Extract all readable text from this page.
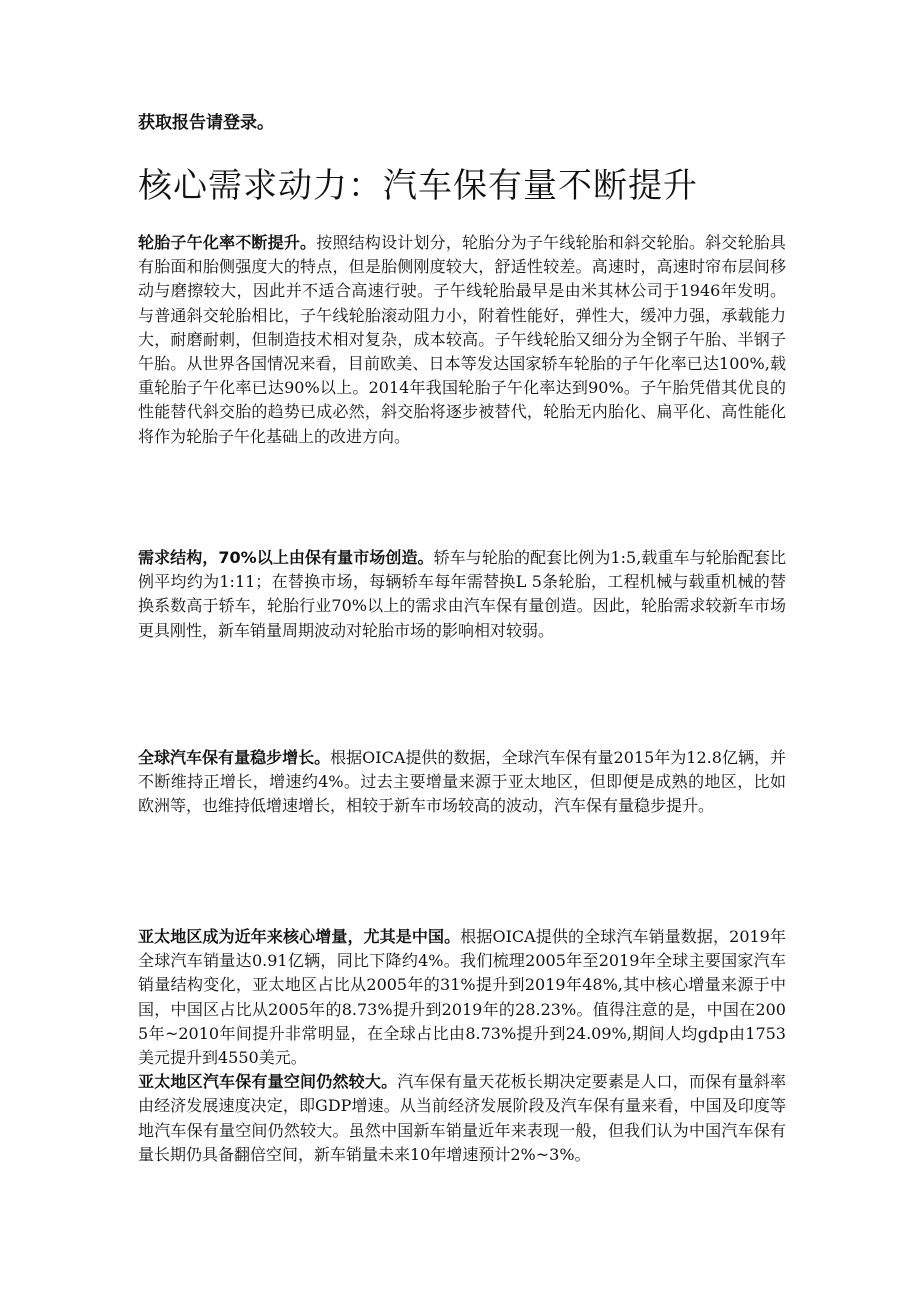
获取报告请登录。
核心需求动力：汽车保有量不断提升

轮胎子午化率不断提升。按照结构设计划分，轮胎分为子午线轮胎和斜交轮胎。斜交轮胎具有胎面和胎侧强度大的特点，但是胎侧刚度较大，舒适性较差。高速时，高速时帘布层间移动与磨擦较大，因此并不适合高速行驶。子午线轮胎最早是由米其林公司于1946年发明。与普通斜交轮胎相比，子午线轮胎滚动阻力小，附着性能好，弹性大，缓冲力强，承载能力大，耐磨耐刺，但制造技术相对复杂，成本较高。子午线轮胎又细分为全钢子午胎、半钢子午胎。从世界各国情况来看，目前欧美、日本等发达国家轿车轮胎的子午化率已达100%,载重轮胎子午化率已达90%以上。2014年我国轮胎子午化率达到90%。子午胎凭借其优良的性能替代斜交胎的趋势已成必然，斜交胎将逐步被替代，轮胎无内胎化、扁平化、高性能化将作为轮胎子午化基础上的改进方向。

需求结构，70%以上由保有量市场创造。轿车与轮胎的配套比例为1:5,载重车与轮胎配套比例平均约为1:11；在替换市场，每辆轿车每年需替换L 5条轮胎，工程机械与载重机械的替换系数高于轿车，轮胎行业70%以上的需求由汽车保有量创造。因此，轮胎需求较新车市场更具刚性，新车销量周期波动对轮胎市场的影响相对较弱。

全球汽车保有量稳步增长。根据OICA提供的数据，全球汽车保有量2015年为12.8亿辆，并不断维持正增长，增速约4%。过去主要增量来源于亚太地区，但即便是成熟的地区，比如欧洲等，也维持低增速增长，相较于新车市场较高的波动，汽车保有量稳步提升。

亚太地区成为近年来核心增量，尤其是中国。根据OICA提供的全球汽车销量数据，2019年全球汽车销量达0.91亿辆，同比下降约4%。我们梳理2005年至2019年全球主要国家汽车销量结构变化，亚太地区占比从2005年的31%提升到2019年48%,其中核心增量来源于中国，中国区占比从2005年的8.73%提升到2019年的28.23%。值得注意的是，中国在2005年~2010年间提升非常明显，在全球占比由8.73%提升到24.09%,期间人均gdp由1753美元提升到4550美元。
亚太地区汽车保有量空间仍然较大。汽车保有量天花板长期决定要素是人口，而保有量斜率由经济发展速度决定，即GDP增速。从当前经济发展阶段及汽车保有量来看，中国及印度等地汽车保有量空间仍然较大。虽然中国新车销量近年来表现一般，但我们认为中国汽车保有量长期仍具备翻倍空间，新车销量未来10年增速预计2%~3%。
